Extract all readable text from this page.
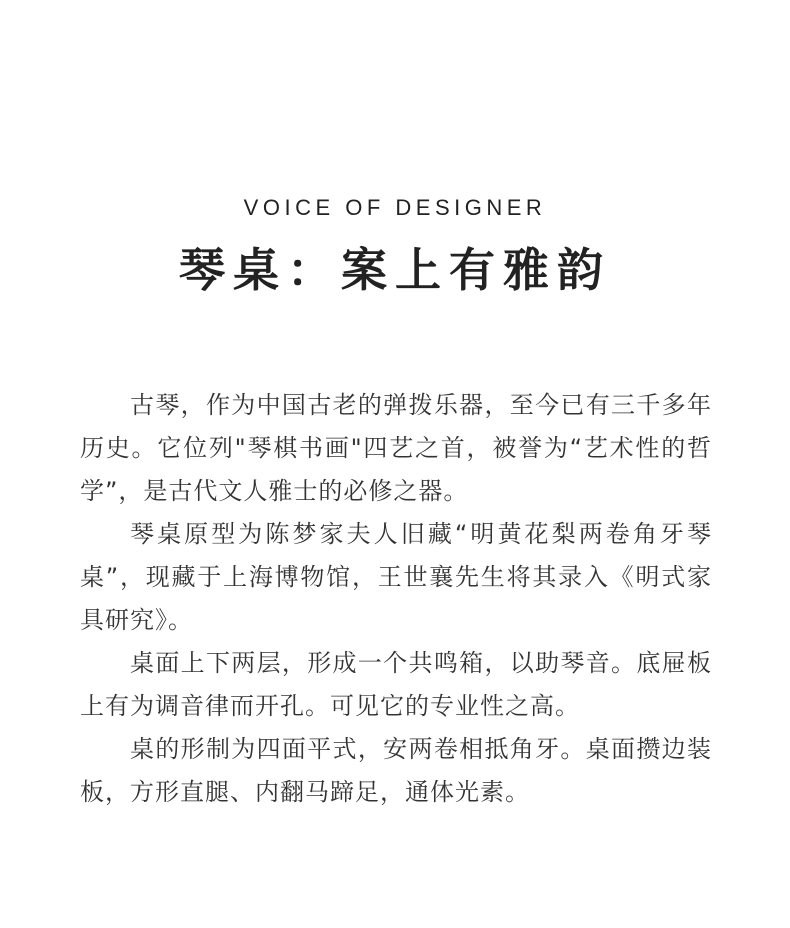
VOICE OF DESIGNER
琴桌：案上有雅韵

古琴，作为中国古老的弹拨乐器，至今已有三千多年历史。它位列"琴棋书画"四艺之首，被誉为“艺术性的哲学”，是古代文人雅士的必修之器。

琴桌原型为陈梦家夫人旧藏“明黄花梨两卷角牙琴桌”，现藏于上海博物馆，王世襄先生将其录入《明式家具研究》。

桌面上下两层，形成一个共鸣箱，以助琴音。底屉板上有为调音律而开孔。可见它的专业性之高。

桌的形制为四面平式，安两卷相抵角牙。桌面攒边装板，方形直腿、内翻马蹄足，通体光素。
